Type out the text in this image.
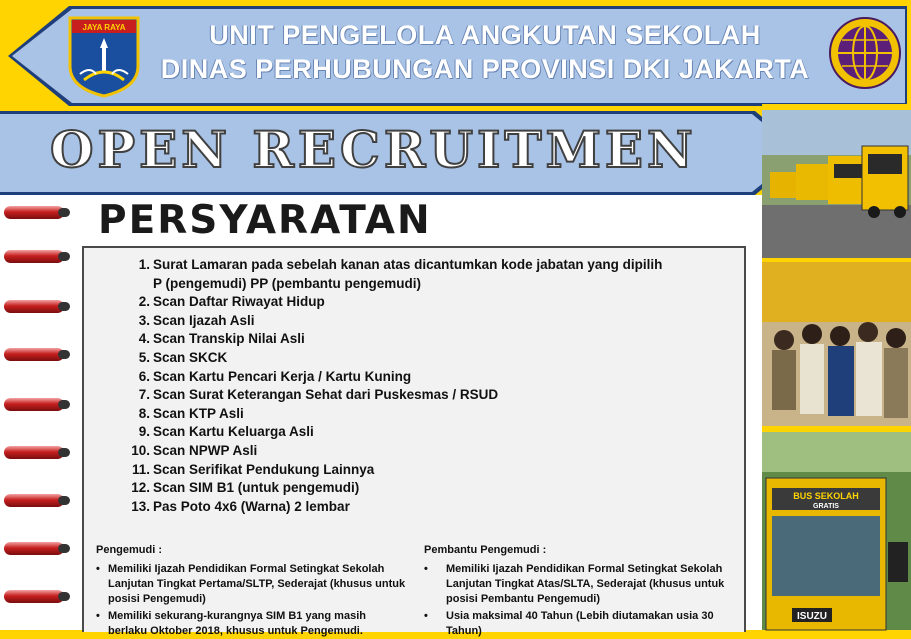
JAYA RAYA	UNIT PENGELOLA ANGKUTAN SEKOLAH
DINAS PERHUBUNGAN PROVINSI DKI JAKARTA
OPEN RECRUITMEN
PERSYARATAN
1. Surat Lamaran pada sebelah kanan atas dicantumkan kode jabatan yang dipilih
P (pengemudi) PP (pembantu pengemudi)
2. Scan Daftar Riwayat Hidup
3. Scan Ijazah Asli
4. Scan Transkip Nilai Asli
5. Scan SKCK
6. Scan Kartu Pencari Kerja / Kartu Kuning
7. Scan Surat Keterangan Sehat dari Puskesmas / RSUD
8. Scan KTP Asli
9. Scan Kartu Keluarga Asli
10. Scan NPWP Asli
11. Scan Serifikat Pendukung Lainnya
12. Scan SIM B1 (untuk pengemudi)
13. Pas Poto 4x6 (Warna) 2 lembar
Pengemudi :
• Memiliki Ijazah Pendidikan Formal Setingkat Sekolah
Lanjutan Tingkat Pertama/SLTP, Sederajat (khusus untuk
posisi Pengemudi)
• Memiliki sekurang-kurangnya SIM B1 yang masih
berlaku Oktober 2018, khusus untuk Pengemudi.
Pembantu Pengemudi :
• Memiliki Ijazah Pendidikan Formal Setingkat Sekolah
Lanjutan Tingkat Atas/SLTA, Sederajat (khusus untuk
posisi Pembantu Pengemudi)
• Usia maksimal 40 Tahun (Lebih diutamakan usia 30
Tahun)
BUS SEKOLAH
GRATIS
ISUZU
